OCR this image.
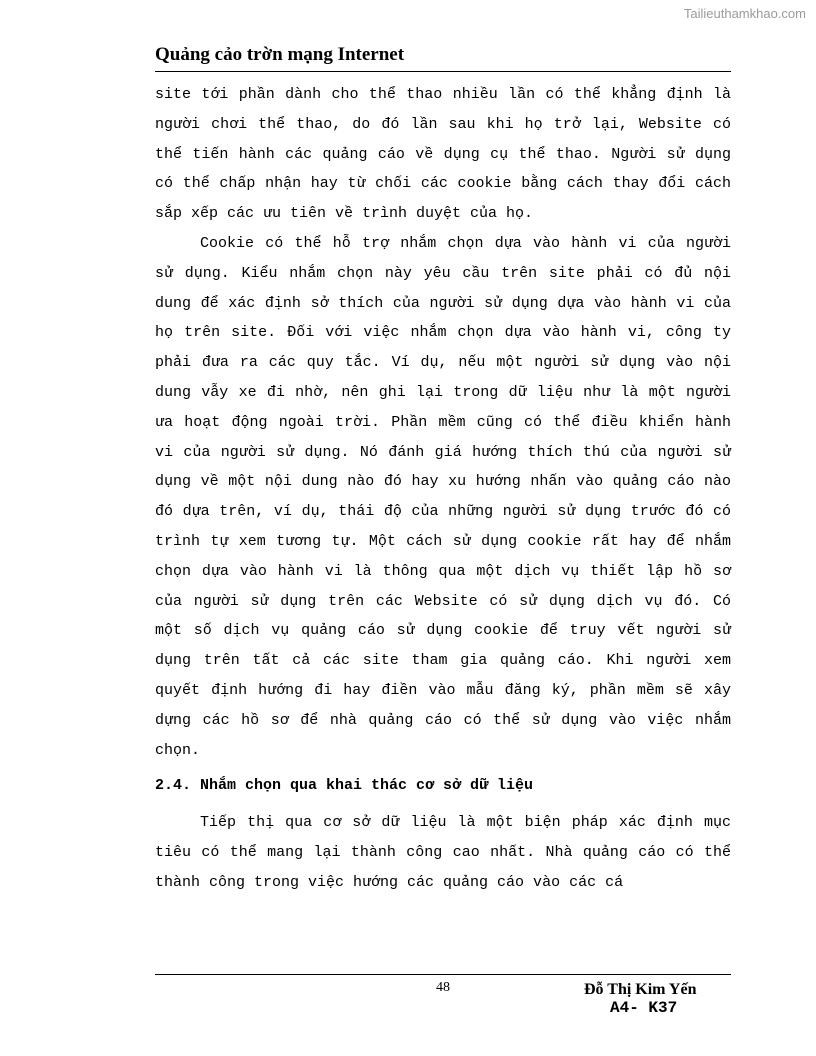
Tailieuthamkhao.com
Quảng cảo trờn mạng Internet

site tới phần dành cho thể thao nhiều lần có thể khẳng định là người chơi thể thao, do đó lần sau khi họ trở lại, Website có thể tiến hành các quảng cáo về dụng cụ thể thao. Người sử dụng có thể chấp nhận hay từ chối các cookie bằng cách thay đổi cách sắp xếp các ưu tiên về trình duyệt của họ.

Cookie có thể hỗ trợ nhắm chọn dựa vào hành vi của người sử dụng. Kiểu nhắm chọn này yêu cầu trên site phải có đủ nội dung để xác định sở thích của người sử dụng dựa vào hành vi của họ trên site. Đối với việc nhắm chọn dựa vào hành vi, công ty phải đưa ra các quy tắc. Ví dụ, nếu một người sử dụng vào nội dung vẫy xe đi nhờ, nên ghi lại trong dữ liệu như là một người ưa hoạt động ngoài trời. Phần mềm cũng có thể điều khiển hành vi của người sử dụng. Nó đánh giá hướng thích thú của người sử dụng về một nội dung nào đó hay xu hướng nhấn vào quảng cáo nào đó dựa trên, ví dụ, thái độ của những người sử dụng trước đó có trình tự xem tương tự. Một cách sử dụng cookie rất hay để nhắm chọn dựa vào hành vi là thông qua một dịch vụ thiết lập hồ sơ của người sử dụng trên các Website có sử dụng dịch vụ đó. Có một số dịch vụ quảng cáo sử dụng cookie để truy vết người sử dụng trên tất cả các site tham gia quảng cáo. Khi người xem quyết định hướng đi hay điền vào mẫu đăng ký, phần mềm sẽ xây dựng các hồ sơ để nhà quảng cáo có thể sử dụng vào việc nhắm chọn.

2.4. Nhắm chọn qua khai thác cơ sở dữ liệu

Tiếp thị qua cơ sở dữ liệu là một biện pháp xác định mục tiêu có thể mang lại thành công cao nhất. Nhà quảng cáo có thể thành công trong việc hướng các quảng cáo vào các cá

48	Đỗ Thị Kim Yến
A4- K37
